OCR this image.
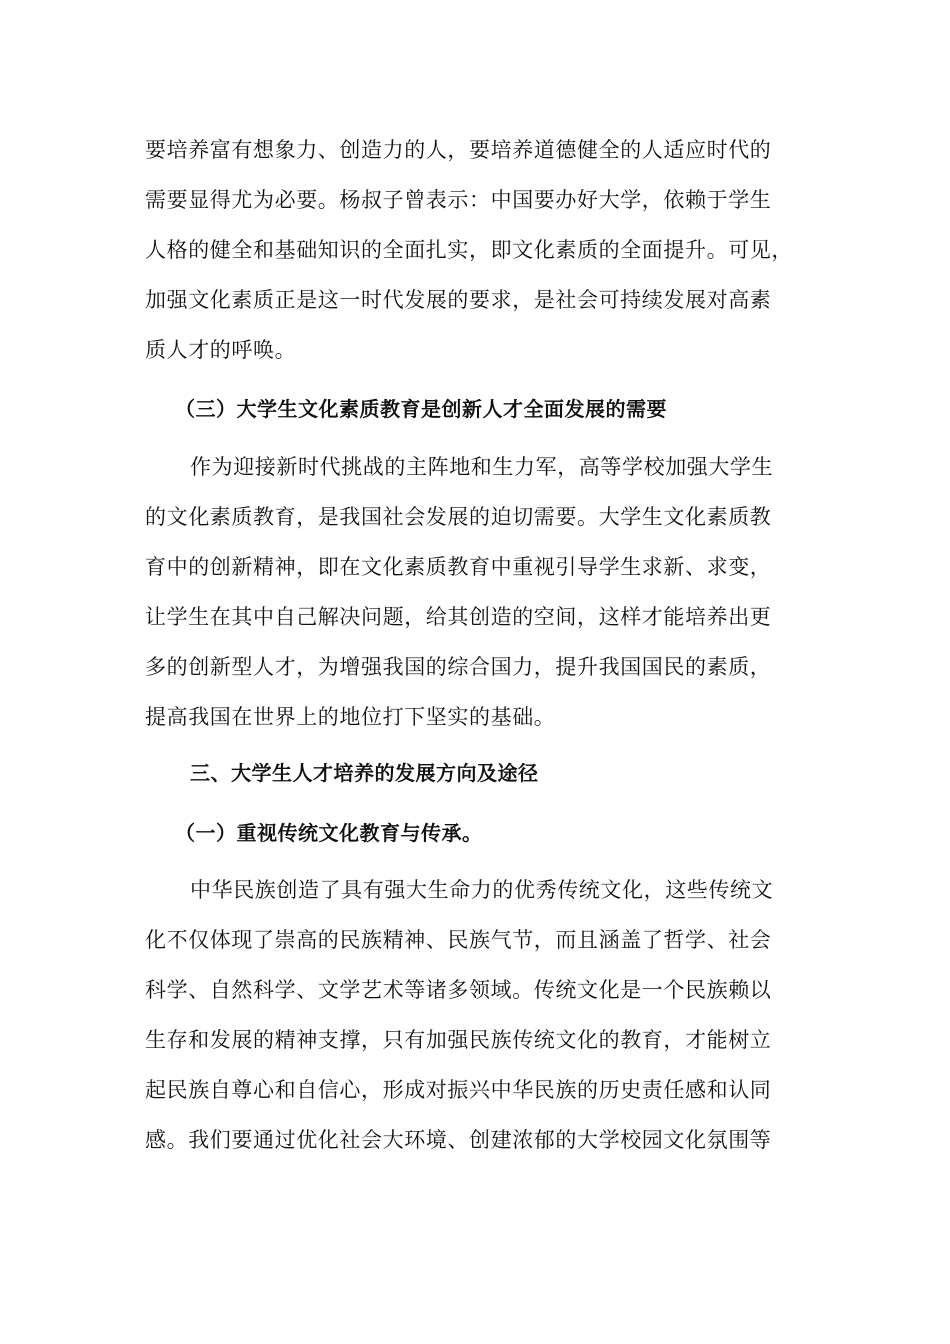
要培养富有想象力、创造力的人，要培养道德健全的人适应时代的
需要显得尤为必要。杨叔子曾表示：中国要办好大学，依赖于学生
人格的健全和基础知识的全面扎实，即文化素质的全面提升。可见，
加强文化素质正是这一时代发展的要求，是社会可持续发展对高素
质人才的呼唤。
（三）大学生文化素质教育是创新人才全面发展的需要
作为迎接新时代挑战的主阵地和生力军，高等学校加强大学生
的文化素质教育，是我国社会发展的迫切需要。大学生文化素质教
育中的创新精神，即在文化素质教育中重视引导学生求新、求变，
让学生在其中自己解决问题，给其创造的空间，这样才能培养出更
多的创新型人才，为增强我国的综合国力，提升我国国民的素质，
提高我国在世界上的地位打下坚实的基础。
三、大学生人才培养的发展方向及途径
（一）重视传统文化教育与传承。
中华民族创造了具有强大生命力的优秀传统文化，这些传统文
化不仅体现了崇高的民族精神、民族气节，而且涵盖了哲学、社会
科学、自然科学、文学艺术等诸多领域。传统文化是一个民族赖以
生存和发展的精神支撑，只有加强民族传统文化的教育，才能树立
起民族自尊心和自信心，形成对振兴中华民族的历史责任感和认同
感。我们要通过优化社会大环境、创建浓郁的大学校园文化氛围等
